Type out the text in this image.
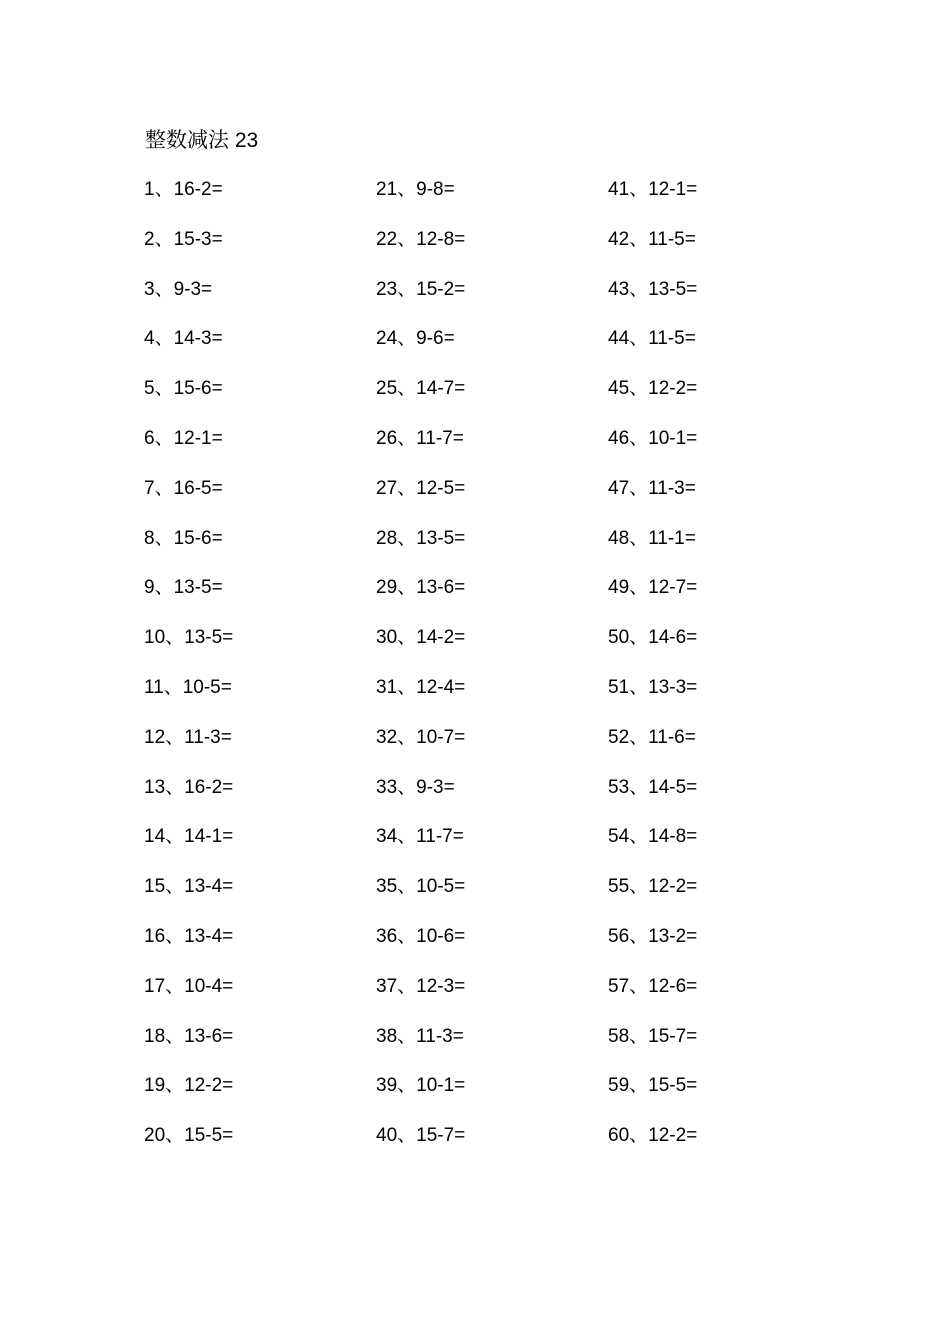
整数减法 23
1、16-2=
2、15-3=
3、9-3=
4、14-3=
5、15-6=
6、12-1=
7、16-5=
8、15-6=
9、13-5=
10、13-5=
11、10-5=
12、11-3=
13、16-2=
14、14-1=
15、13-4=
16、13-4=
17、10-4=
18、13-6=
19、12-2=
20、15-5=
21、9-8=
22、12-8=
23、15-2=
24、9-6=
25、14-7=
26、11-7=
27、12-5=
28、13-5=
29、13-6=
30、14-2=
31、12-4=
32、10-7=
33、9-3=
34、11-7=
35、10-5=
36、10-6=
37、12-3=
38、11-3=
39、10-1=
40、15-7=
41、12-1=
42、11-5=
43、13-5=
44、11-5=
45、12-2=
46、10-1=
47、11-3=
48、11-1=
49、12-7=
50、14-6=
51、13-3=
52、11-6=
53、14-5=
54、14-8=
55、12-2=
56、13-2=
57、12-6=
58、15-7=
59、15-5=
60、12-2=
